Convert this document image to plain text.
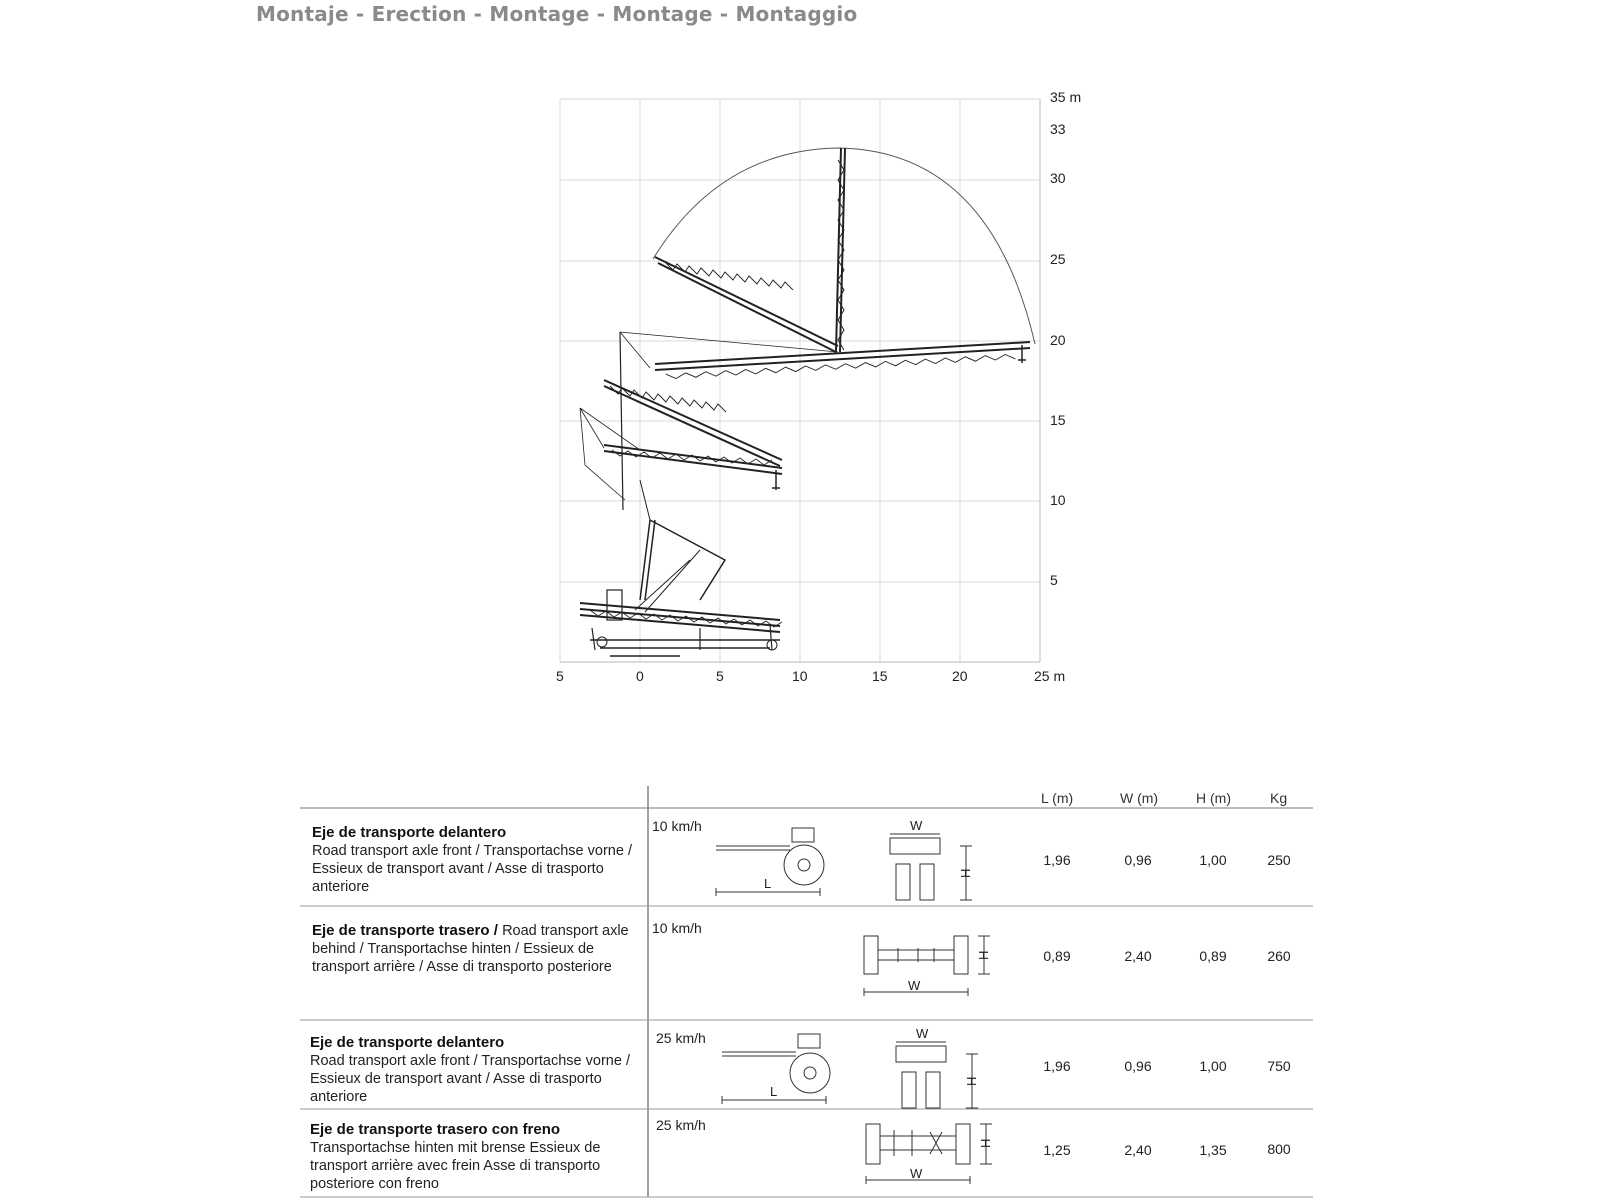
Montaje - Erection - Montage - Montage - Montaggio
5	0	5	10	15	20	25 m
35 m
33
30
25
20
15
10
5
L (m)	W (m)	H (m)	Kg
Eje de transporte delantero
Road transport axle front / Transportachse vorne / Essieux de transport avant / Asse di trasporto anteriore
10 km/h
L
W
H
1,96	0,96	1,00	250
Eje de transporte trasero / Road transport axle behind / Transportachse hinten / Essieux de transport arrière / Asse di transporto posteriore
10 km/h
W
H	0,89	2,40	0,89	260
Eje de transporte delantero
Road transport axle front / Transportachse vorne / Essieux de transport avant / Asse di trasporto anteriore
25 km/h
L
W
H
1,96	0,96	1,00	750
Eje de transporte trasero con freno
Transportachse hinten mit brense Essieux de transport arrière avec frein Asse di transporto posteriore con freno
25 km/h
W
H	1,25	2,40	1,35	800
